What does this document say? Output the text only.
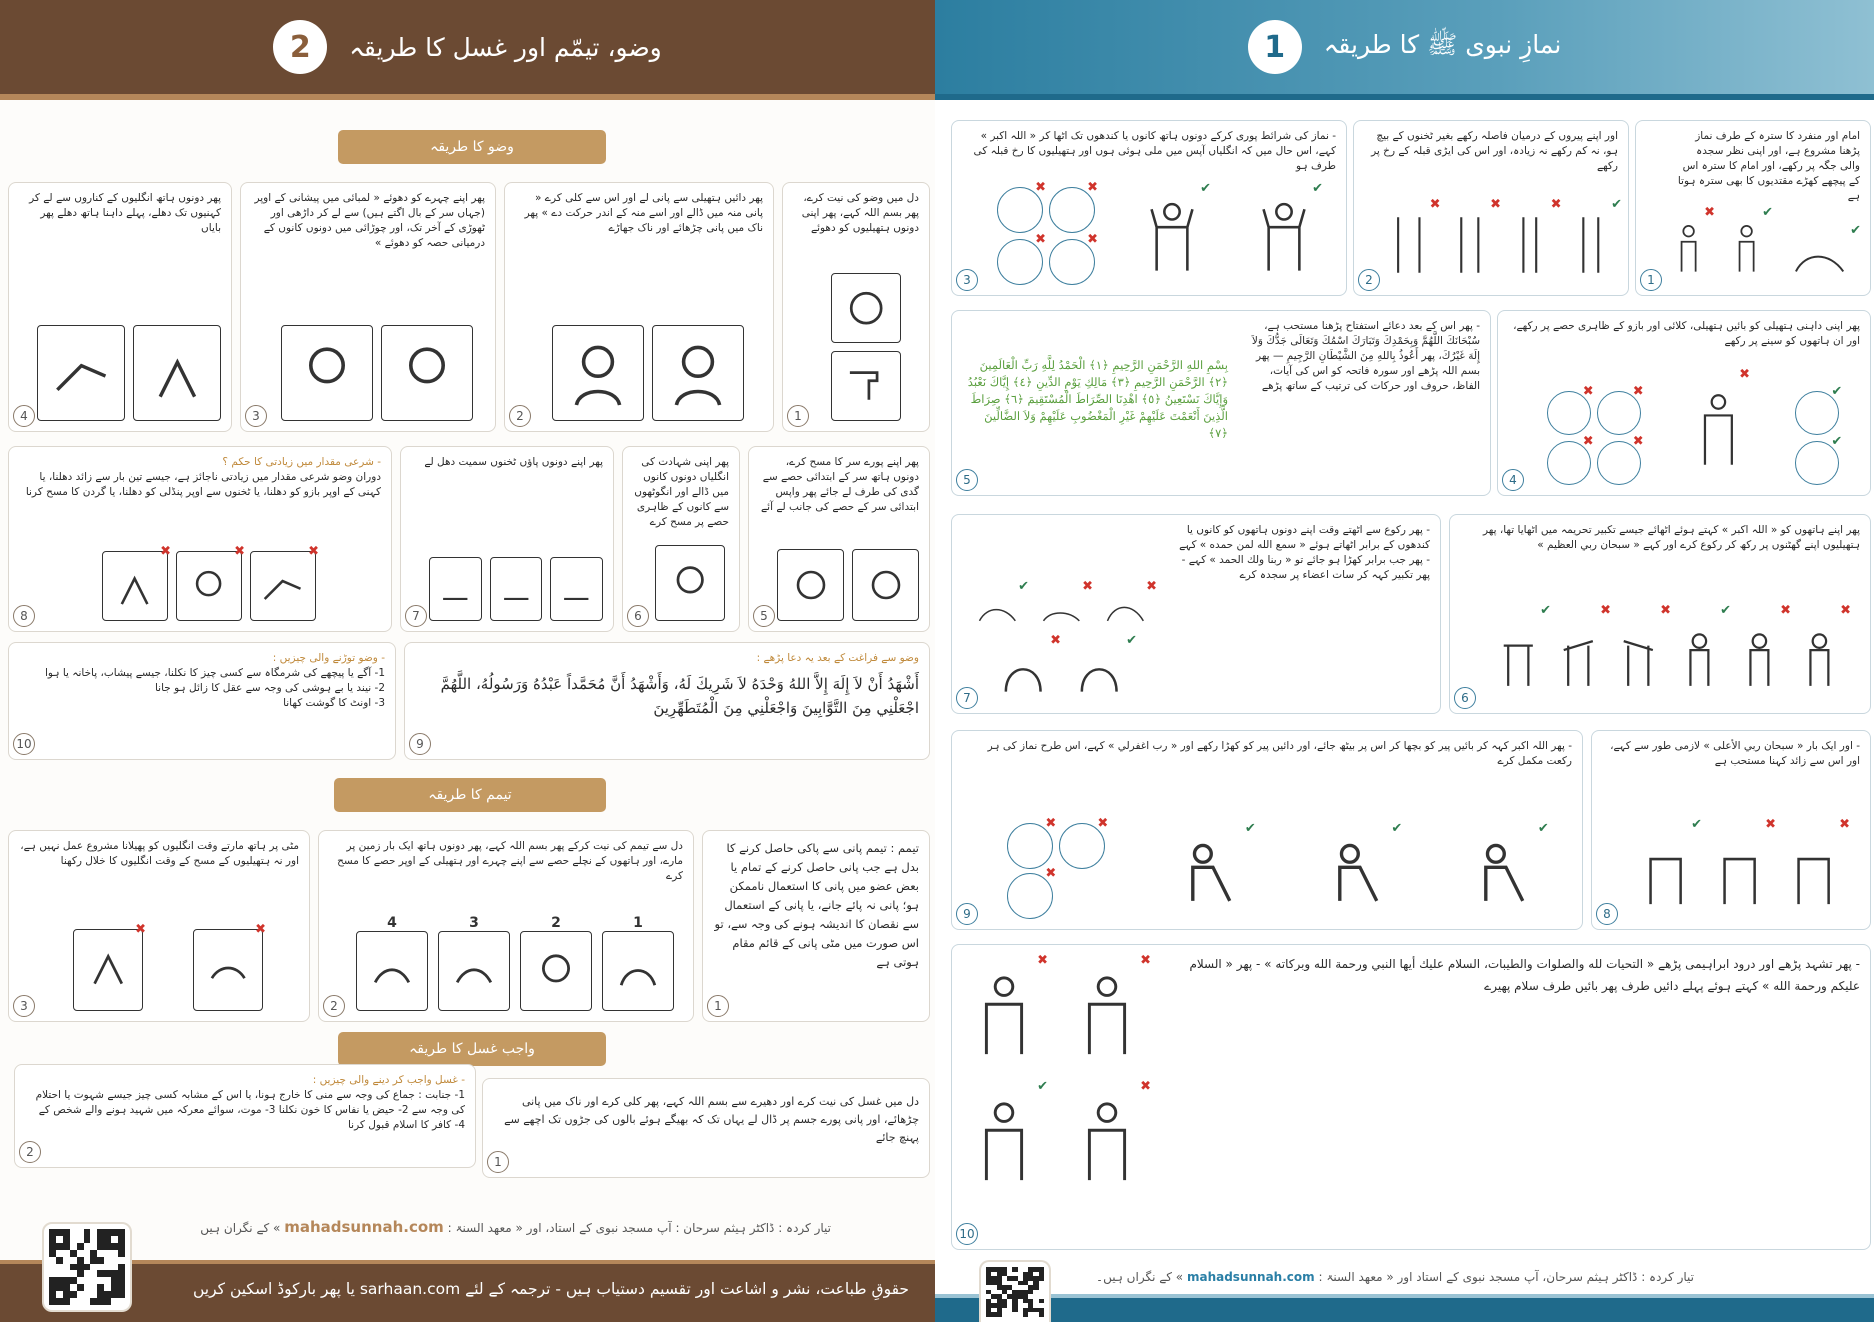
وضو، تیمّم اور غسل کا طریقہ
2
وضو کا طریقہ
دل میں وضو کی نیت کرے، پھر بسم اللہ کہے، پھر اپنی دونوں ہتھیلیوں کو دھوئے
1
پھر دائیں ہتھیلی سے پانی لے اور اس سے کلی کرے « پانی منہ میں ڈالے اور اسے منہ کے اندر حرکت دے » پھر ناک میں پانی چڑھائے اور ناک جھاڑے
2
پھر اپنے چہرے کو دھوئے « لمبائی میں پیشانی کے اوپر (جہاں سر کے بال اگتے ہیں) سے لے کر داڑھی اور ٹھوڑی کے آخر تک، اور چوڑائی میں دونوں کانوں کے درمیانی حصہ کو دھوئے »
3
پھر دونوں ہاتھ انگلیوں کے کناروں سے لے کر کہنیوں تک دھلے، پہلے داہنا ہاتھ دھلے پھر بایاں
4
پھر اپنے پورے سر کا مسح کرے، دونوں ہاتھ سر کے ابتدائی حصے سے گدی کی طرف لے جائے پھر واپس ابتدائی سر کے حصے کی جانب لے آئے
5
پھر اپنی شہادت کی انگلیاں دونوں کانوں میں ڈالے اور انگوٹھوں سے کانوں کے ظاہری حصے پر مسح کرے
6
پھر اپنے دونوں پاؤں ٹخنوں سمیت دھل لے
7
- شرعی مقدار میں زیادتی کا حکم ؟
دوران وضو شرعی مقدار میں زیادتی ناجائز ہے، جیسے تین بار سے زائد دھلنا، یا کہنی کے اوپر بازو کو دھلنا، یا ٹخنوں سے اوپر پنڈلی کو دھلنا، یا گردن کا مسح کرنا
✖	✖	✖
8
وضو سے فراغت کے بعد یہ دعا پڑھے :
أَشْهَدُ أَنْ لاَ إِلَهَ إِلاَّ اللهُ وَحْدَهُ لاَ شَرِيكَ لَهُ، وَأَشْهَدُ أَنَّ مُحَمَّداً عَبْدُهُ وَرَسُولُهُ، اللَّهُمَّ اجْعَلْنِي مِنَ التَّوَّابِينَ وَاجْعَلْنِي مِنَ الْمُتَطَهِّرِينَ
9
- وضو توڑنے والی چیزیں :
1- آگے یا پیچھے کی شرمگاہ سے کسی چیز کا نکلنا، جیسے پیشاب، پاخانہ یا ہوا
2- نیند یا بے ہوشی کی وجہ سے عقل کا زائل ہو جانا
3- اونٹ کا گوشت کھانا
10
تیمم کا طریقہ
تیمم : تیمم پانی سے پاکی حاصل کرنے کا بدل ہے جب پانی حاصل کرنے کے تمام یا بعض عضو میں پانی کا استعمال ناممکن ہو؛ پانی نہ پائے جانے، یا پانی کے استعمال سے نقصان کا اندیشہ ہونے کی وجہ سے، تو اس صورت میں مٹی پانی کے قائم مقام ہوتی ہے
1
دل سے تیمم کی نیت کرکے پھر بسم اللہ کہے، پھر دونوں ہاتھ ایک بار زمین پر مارے، اور ہاتھوں کے نچلے حصے سے اپنے چہرے اور ہتھیلی کے اوپر حصے کا مسح کرے
4	3	2	1
2
مٹی پر ہاتھ مارتے وقت انگلیوں کو پھیلانا مشروع عمل نہیں ہے، اور نہ ہتھیلیوں کے مسح کے وقت انگلیوں کا خلال رکھنا
✖	✖
3
واجب غسل کا طریقہ
دل میں غسل کی نیت کرے اور دھیرے سے بسم اللہ کہے، پھر کلی کرے اور ناک میں پانی چڑھائے، اور پانی پورے جسم پر ڈال لے یہاں تک کہ بھیگے ہوئے بالوں کی جڑوں تک اچھے سے پہنچ جائے
1
- غسل واجب کر دینے والی چیزیں :
1- جنابت : جماع کی وجہ سے منی کا خارج ہونا، یا اس کے مشابہ کسی چیز جیسے شہوت یا احتلام کی وجہ سے 2- حیض یا نفاس کا خون نکلنا 3- موت، سوائے معرکہ میں شہید ہونے والے شخص کے 4- کافر کا اسلام قبول کرنا
2
تیار کردہ : ڈاکٹر ہیثم سرحان : آپ مسجد نبوی کے استاد، اور « معھد السنۃ : mahadsunnah.com » کے نگران ہیں
حقوقِ طباعت، نشر و اشاعت اور تقسیم دستیاب ہیں - ترجمہ کے لئے sarhaan.com یا پھر بارکوڈ اسکین کریں
نمازِ نبوی ﷺ کا طریقہ
1
امام اور منفرد کا سترہ کے طرف نماز پڑھنا مشروع ہے، اور اپنی نظر سجدہ والی جگہ پر رکھے، اور امام کا سترہ اس کے پیچھے کھڑے مقتدیوں کا بھی سترہ ہوتا ہے
✖	✔
✔
1
اور اپنے پیروں کے درمیان فاصلہ رکھے بغیر ٹخنوں کے بیچ ہو، نہ کم رکھے نہ زیادہ، اور اس کی ایڑی قبلہ کے رخ پر رکھے
✖	✖	✖	✔
2
- نماز کی شرائط پوری کرکے دونوں ہاتھ کانوں یا کندھوں تک اٹھا کر « اللہ اکبر » کہے، اس حال میں کہ انگلیاں آپس میں ملی ہوئی ہوں اور ہتھیلیوں کا رخ قبلہ کی طرف ہو
✖	✖
✖	✖
✔	✔
3
پھر اپنی داہنی ہتھیلی کو بائیں ہتھیلی، کلائی اور بازو کے ظاہری حصے پر رکھے، اور ان ہاتھوں کو سینے پر رکھے
✖	✖
✖	✖
✖
✔
✔
4
- پھر اس کے بعد دعائے استفتاح پڑھنا مستحب ہے، سُبْحَانَكَ اللَّهُمَّ وَبِحَمْدِكَ وَتَبَارَكَ اسْمُكَ وَتَعَالَى جَدُّكَ وَلاَ إِلَهَ غَيْرُكَ، پھر أَعُوذُ بِاللهِ مِنَ الشَّيْطَانِ الرَّجِيمِ — پھر بسم اللہ پڑھے اور سورہ فاتحہ کو اس کی آیات، الفاظ، حروف اور حرکات کی ترتیب کے ساتھ پڑھے
بِسْمِ اللهِ الرَّحْمَنِ الرَّحِيمِ ﴿١﴾ الْحَمْدُ لِلَّهِ رَبِّ الْعَالَمِينَ ﴿٢﴾ الرَّحْمَنِ الرَّحِيمِ ﴿٣﴾ مَالِكِ يَوْمِ الدِّينِ ﴿٤﴾ إِيَّاكَ نَعْبُدُ وَإِيَّاكَ نَسْتَعِينُ ﴿٥﴾ اهْدِنَا الصِّرَاطَ الْمُسْتَقِيمَ ﴿٦﴾ صِرَاطَ الَّذِينَ أَنْعَمْتَ عَلَيْهِمْ غَيْرِ الْمَغْضُوبِ عَلَيْهِمْ وَلاَ الضَّالِّينَ ﴿٧﴾
5
پھر اپنے ہاتھوں کو « اللہ اکبر » کہتے ہوئے اٹھائے جیسے تکبیر تحریمہ میں اٹھایا تھا، پھر ہتھیلیوں اپنے گھٹنوں پر رکھ کر رکوع کرے اور کہے « سبحان ربي العظيم »
✔	✖	✖	✔	✖	✖
6
- پھر رکوع سے اٹھتے وقت اپنے دونوں ہاتھوں کو کانوں یا کندھوں کے برابر اٹھاتے ہوئے « سمع الله لمن حمده » کہے - پھر جب برابر کھڑا ہو جائے تو « ربنا ولك الحمد » کہے - پھر تکبیر کہہ کر سات اعضاء پر سجدہ کرے
✔	✖	✖
✖	✔
7
- اور ایک بار « سبحان ربي الأعلى » لازمی طور سے کہے، اور اس سے زائد کہنا مستحب ہے
✔	✖	✖
8
- پھر اللہ اکبر کہہ کر بائیں پیر کو بچھا کر اس پر بیٹھ جائے، اور دائیں پیر کو کھڑا رکھے اور « رب اغفرلي » کہے، اس طرح نماز کی ہر رکعت مکمل کرے
✖	✖
✖
✔	✔	✔
9
- پھر تشہد پڑھے اور درود ابراہیمی پڑھے « التحيات لله والصلوات والطيبات، السلام عليك أيها النبي ورحمة الله وبركاته » - پھر « السلام عليكم ورحمة الله » کہتے ہوئے پہلے دائیں طرف پھر بائیں طرف سلام پھیرے
✖	✖
✔	✖
10
تیار کردہ : ڈاکٹر ہیثم سرحان، آپ مسجد نبوی کے استاد اور « معھد السنۃ : mahadsunnah.com » کے نگراں ہیں۔
